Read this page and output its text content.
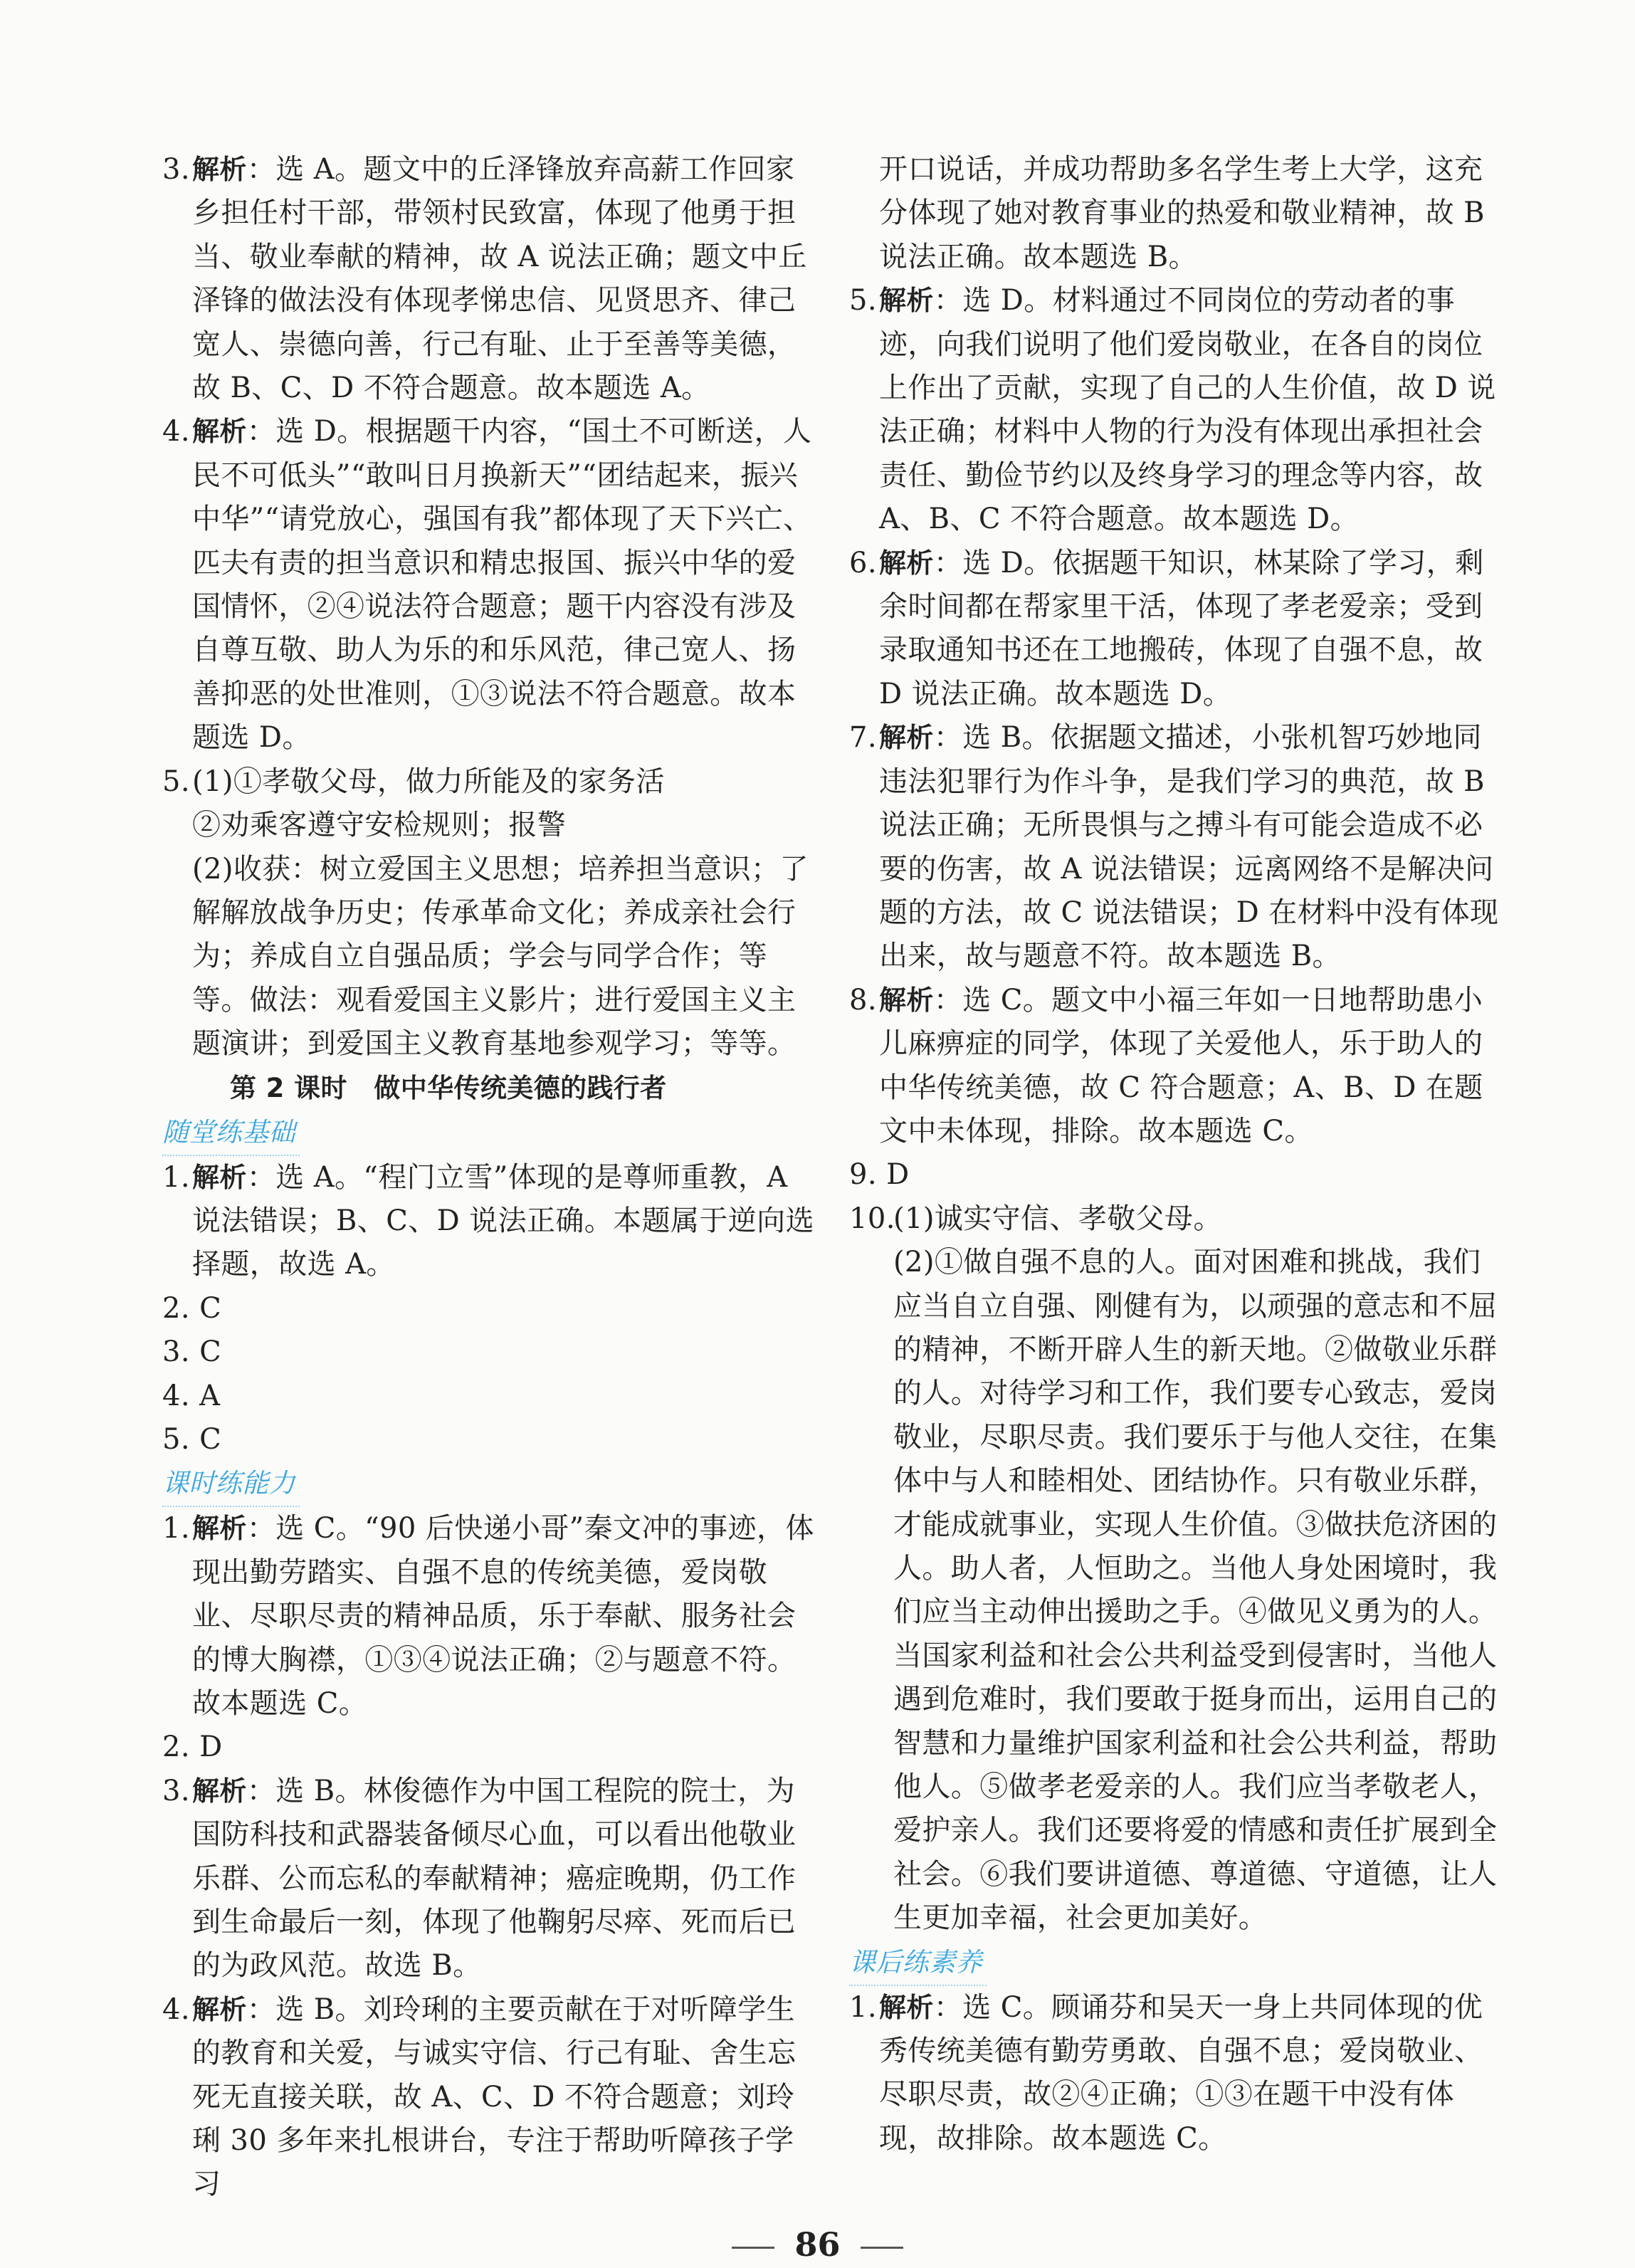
3. 解析：选 A。题文中的丘泽锋放弃高薪工作回家乡担任村干部，带领村民致富，体现了他勇于担当、敬业奉献的精神，故 A 说法正确；题文中丘泽锋的做法没有体现孝悌忠信、见贤思齐、律己宽人、崇德向善，行己有耻、止于至善等美德，故 B、C、D 不符合题意。故本题选 A。
4. 解析：选 D。根据题干内容，“国土不可断送，人民不可低头”“敢叫日月换新天”“团结起来，振兴中华”“请党放心，强国有我”都体现了天下兴亡、匹夫有责的担当意识和精忠报国、振兴中华的爱国情怀，②④说法符合题意；题干内容没有涉及自尊互敬、助人为乐的和乐风范，律己宽人、扬善抑恶的处世准则，①③说法不符合题意。故本题选 D。
5. (1)①孝敬父母，做力所能及的家务活
②劝乘客遵守安检规则；报警
(2)收获：树立爱国主义思想；培养担当意识；了解解放战争历史；传承革命文化；养成亲社会行为；养成自立自强品质；学会与同学合作；等等。做法：观看爱国主义影片；进行爱国主义主题演讲；到爱国主义教育基地参观学习；等等。
第 2 课时　做中华传统美德的践行者
随堂练基础
1. 解析：选 A。“程门立雪”体现的是尊师重教，A 说法错误；B、C、D 说法正确。本题属于逆向选择题，故选 A。
2. C
3. C
4. A
5. C
课时练能力
1. 解析：选 C。“90 后快递小哥”秦文冲的事迹，体现出勤劳踏实、自强不息的传统美德，爱岗敬业、尽职尽责的精神品质，乐于奉献、服务社会的博大胸襟，①③④说法正确；②与题意不符。故本题选 C。
2. D
3. 解析：选 B。林俊德作为中国工程院的院士，为国防科技和武器装备倾尽心血，可以看出他敬业乐群、公而忘私的奉献精神；癌症晚期，仍工作到生命最后一刻，体现了他鞠躬尽瘁、死而后已的为政风范。故选 B。
4. 解析：选 B。刘玲琍的主要贡献在于对听障学生的教育和关爱，与诚实守信、行己有耻、舍生忘死无直接关联，故 A、C、D 不符合题意；刘玲琍 30 多年来扎根讲台，专注于帮助听障孩子学习
开口说话，并成功帮助多名学生考上大学，这充分体现了她对教育事业的热爱和敬业精神，故 B 说法正确。故本题选 B。
5. 解析：选 D。材料通过不同岗位的劳动者的事迹，向我们说明了他们爱岗敬业，在各自的岗位上作出了贡献，实现了自己的人生价值，故 D 说法正确；材料中人物的行为没有体现出承担社会责任、勤俭节约以及终身学习的理念等内容，故 A、B、C 不符合题意。故本题选 D。
6. 解析：选 D。依据题干知识，林某除了学习，剩余时间都在帮家里干活，体现了孝老爱亲；受到录取通知书还在工地搬砖，体现了自强不息，故 D 说法正确。故本题选 D。
7. 解析：选 B。依据题文描述，小张机智巧妙地同违法犯罪行为作斗争，是我们学习的典范，故 B 说法正确；无所畏惧与之搏斗有可能会造成不必要的伤害，故 A 说法错误；远离网络不是解决问题的方法，故 C 说法错误；D 在材料中没有体现出来，故与题意不符。故本题选 B。
8. 解析：选 C。题文中小福三年如一日地帮助患小儿麻痹症的同学，体现了关爱他人，乐于助人的中华传统美德，故 C 符合题意；A、B、D 在题文中未体现，排除。故本题选 C。
9. D
10.
(1)诚实守信、孝敬父母。
(2)①做自强不息的人。面对困难和挑战，我们应当自立自强、刚健有为，以顽强的意志和不屈的精神，不断开辟人生的新天地。②做敬业乐群的人。对待学习和工作，我们要专心致志，爱岗敬业，尽职尽责。我们要乐于与他人交往，在集体中与人和睦相处、团结协作。只有敬业乐群，才能成就事业，实现人生价值。③做扶危济困的人。助人者，人恒助之。当他人身处困境时，我们应当主动伸出援助之手。④做见义勇为的人。当国家利益和社会公共利益受到侵害时，当他人遇到危难时，我们要敢于挺身而出，运用自己的智慧和力量维护国家利益和社会公共利益，帮助他人。⑤做孝老爱亲的人。我们应当孝敬老人，爱护亲人。我们还要将爱的情感和责任扩展到全社会。⑥我们要讲道德、尊道德、守道德，让人生更加幸福，社会更加美好。
课后练素养
1. 解析：选 C。顾诵芬和吴天一身上共同体现的优秀传统美德有勤劳勇敢、自强不息；爱岗敬业、尽职尽责，故②④正确；①③在题干中没有体现，故排除。故本题选 C。
86
